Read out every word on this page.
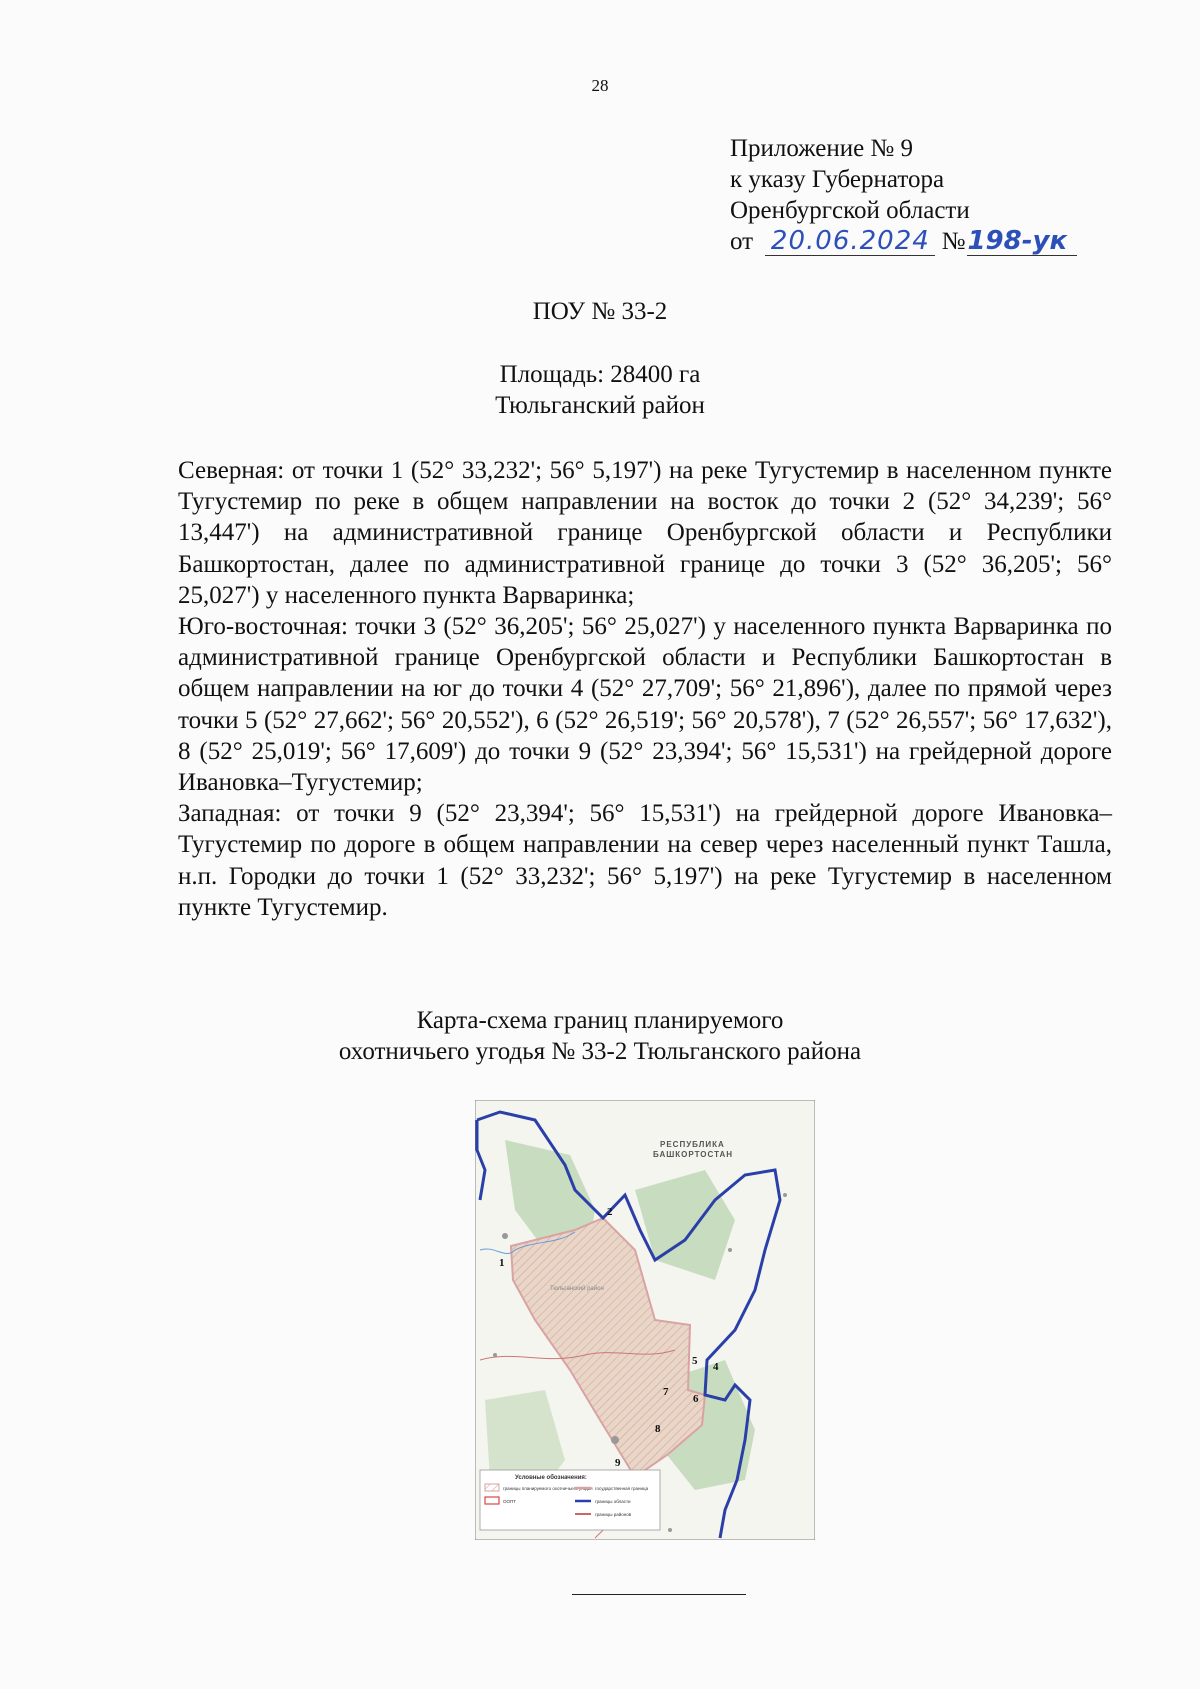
28
Приложение № 9
к указу Губернатора
Оренбургской области
от 20.06.2024 №198-ук
ПОУ № 33-2
Площадь: 28400 га
Тюльганский район

Северная: от точки 1 (52° 33,232'; 56° 5,197') на реке Тугустемир в населенном пункте Тугустемир по реке в общем направлении на восток до точки 2 (52° 34,239'; 56° 13,447') на административной границе Оренбургской области и Республики Башкортостан, далее по административной границе до точки 3 (52° 36,205'; 56° 25,027') у населенного пункта Варваринка;

Юго-восточная: точки 3 (52° 36,205'; 56° 25,027') у населенного пункта Варваринка по административной границе Оренбургской области и Республики Башкортостан в общем направлении на юг до точки 4 (52° 27,709'; 56° 21,896'), далее по прямой через точки 5 (52° 27,662'; 56° 20,552'), 6 (52° 26,519'; 56° 20,578'), 7 (52° 26,557'; 56° 17,632'), 8 (52° 25,019'; 56° 17,609') до точки 9 (52° 23,394'; 56° 15,531') на грейдерной дороге Ивановка–Тугустемир;

Западная: от точки 9 (52° 23,394'; 56° 15,531') на грейдерной дороге Ивановка–Тугустемир по дороге в общем направлении на север через населенный пункт Ташла, н.п. Городки до точки 1 (52° 33,232'; 56° 5,197') на реке Тугустемир в населенном пункте Тугустемир.

Карта-схема границ планируемого
охотничьего угодья № 33-2 Тюльганского района
РЕСПУБЛИКА
БАШКОРТОСТАН
Тюльганский район
1
2
4
5
6
7
8
9
Условные обозначения:
границы планируемого охотничьего угодья
ООПТ
государственная граница
границы области
границы районов
